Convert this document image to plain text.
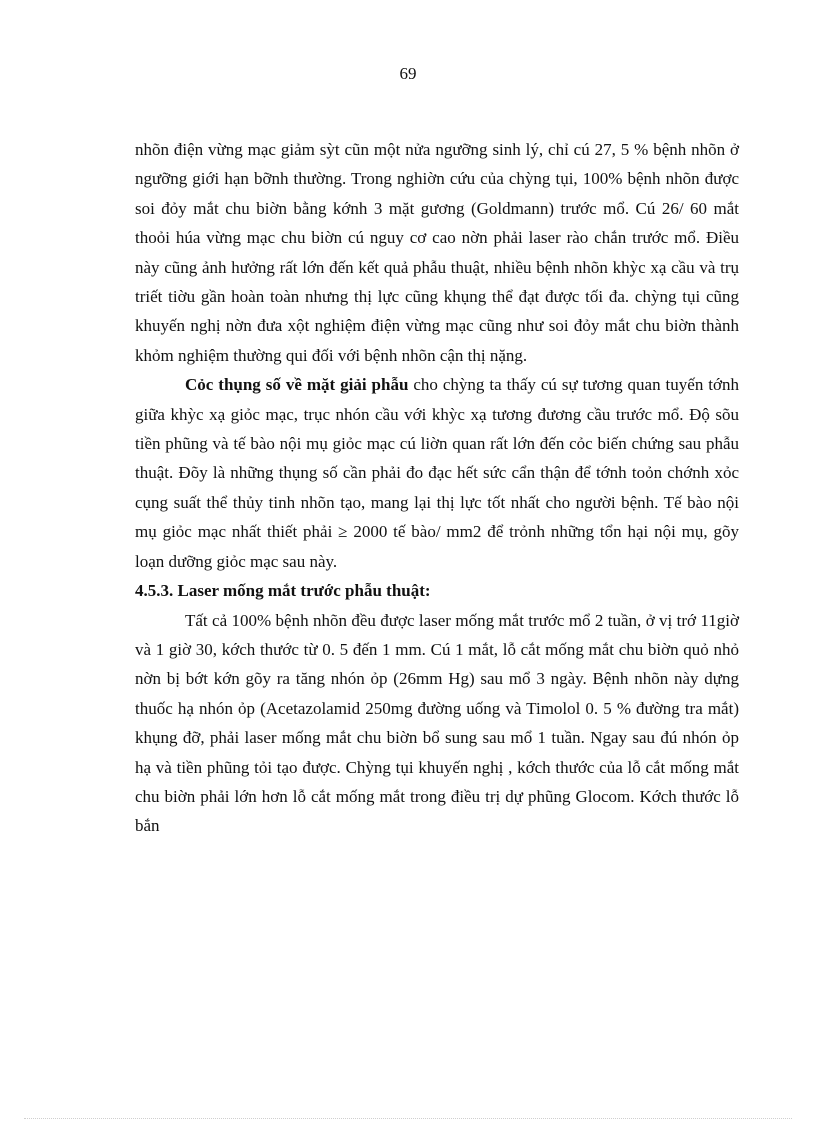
69

nhõn điện vừng mạc giảm sỳt cũn một nửa ngưỡng sinh lý, chỉ cú 27, 5 % bệnh nhõn ở ngưỡng giới hạn bỡnh thường. Trong nghiờn cứu của chỳng tụi, 100% bệnh nhõn được soi đỏy mắt chu biờn bằng kớnh 3 mặt gương (Goldmann) trước mổ. Cú 26/ 60 mắt thoỏi húa vừng mạc chu biờn cú nguy cơ cao nờn phải laser rào chắn trước mổ. Điều này cũng ảnh hưởng rất lớn đến kết quả phẫu thuật, nhiều bệnh nhõn khỳc xạ cầu và trụ triết tiờu gần hoàn toàn nhưng thị lực cũng khụng thể đạt được tối đa. chỳng tụi cũng khuyến nghị nờn đưa xột nghiệm điện vừng mạc cũng như soi đỏy mắt chu biờn thành khỏm nghiệm thường qui đối với bệnh nhõn cận thị nặng.

Cỏc thụng số về mặt giải phẫu cho chỳng ta thấy cú sự tương quan tuyến tớnh giữa khỳc xạ giỏc mạc, trục nhón cầu với khỳc xạ tương đương cầu trước mổ. Độ sõu tiền phũng và tế bào nội mụ giỏc mạc cú liờn quan rất lớn đến cỏc biến chứng sau phẫu thuật. Đõy là những thụng số cần phải đo đạc hết sức cẩn thận để tớnh toỏn chớnh xỏc cụng suất thể thủy tinh nhõn tạo, mang lại thị lực tốt nhất cho người bệnh. Tế bào nội mụ giỏc mạc nhất thiết phải ≥ 2000 tế bào/ mm2 để trỏnh những tổn hại nội mụ, gõy loạn dưỡng giỏc mạc sau này.

4.5.3. Laser mống mắt trước phẫu thuật:

Tất cả 100% bệnh nhõn đều được laser mống mắt trước mổ 2 tuần, ở vị trớ 11giờ và 1 giờ 30, kớch thước từ 0. 5 đến 1 mm. Cú 1 mắt, lỗ cắt mống mắt chu biờn quỏ nhỏ nờn bị bớt kớn gõy ra tăng nhón ỏp (26mm Hg) sau mổ 3 ngày. Bệnh nhõn này dựng thuốc hạ nhón ỏp (Acetazolamid 250mg đường uống và Timolol 0. 5 % đường tra mắt) khụng đỡ, phải laser mống mắt chu biờn bổ sung sau mổ 1 tuần. Ngay sau đú nhón ỏp hạ và tiền phũng tỏi tạo được. Chỳng tụi khuyến nghị , kớch thước của lỗ cắt mống mắt chu biờn phải lớn hơn lỗ cắt mống mắt trong điều trị dự phũng Glocom. Kớch thước lỗ bắn
